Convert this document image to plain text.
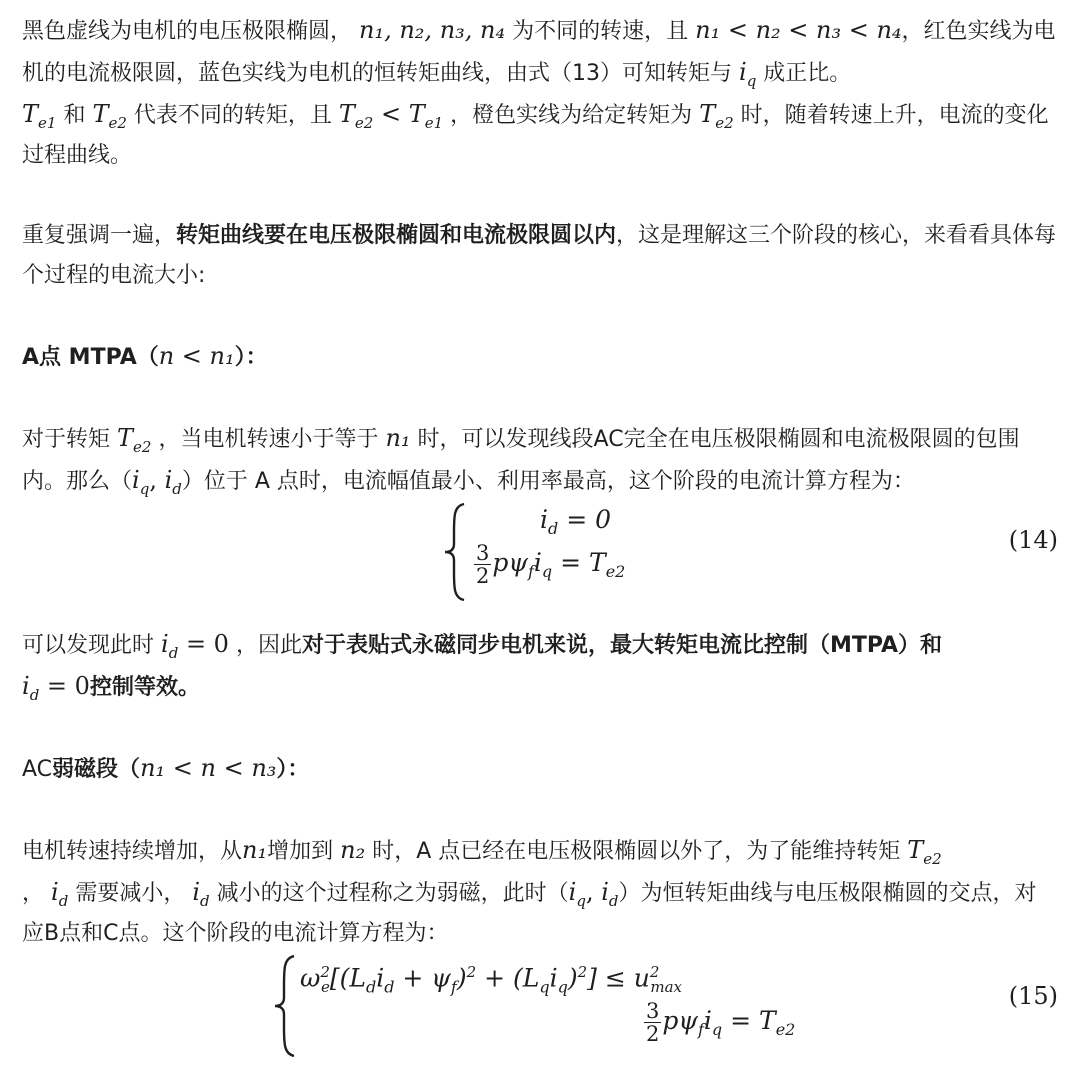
黑色虚线为电机的电压极限椭圆， n₁, n₂, n₃, n₄ 为不同的转速，且 n₁ < n₂ < n₃ < n₄，红色实线为电机的电流极限圆，蓝色实线为电机的恒转矩曲线，由式（13）可知转矩与 $i_q$ 成正比。
$T_{e1}$ 和 $T_{e2}$ 代表不同的转矩，且 $T_{e2} < T_{e1}$ ，橙色实线为给定转矩为 $T_{e2}$ 时，随着转速上升，电流的变化过程曲线。

重复强调一遍，转矩曲线要在电压极限椭圆和电流极限圆以内，这是理解这三个阶段的核心，来看看具体每个过程的电流大小:

A点 MTPA（n < n₁）：

对于转矩 $T_{e2}$ ，当电机转速小于等于 n₁ 时，可以发现线段AC完全在电压极限椭圆和电流极限圆的包围内。那么（$i_q$, $i_d$）位于 A 点时，电流幅值最小、利用率最高，这个阶段的电流计算方程为：

$i_d = 0$
$\frac{3}{2} p\psi_fi_q = T_{e2}$
(14)

可以发现此时 $i_d = 0$ ，因此对于表贴式永磁同步电机来说，最大转矩电流比控制（MTPA）和
$i_d = 0$控制等效。

AC弱磁段（n₁ < n < n₃）：

电机转速持续增加，从n₁增加到 n₂ 时，A 点已经在电压极限椭圆以外了，为了能维持转矩 $T_{e2}$
， $i_d$ 需要减小， $i_d$ 减小的这个过程称之为弱磁，此时（$i_q$, $i_d$）为恒转矩曲线与电压极限椭圆的交点，对应B点和C点。这个阶段的电流计算方程为：

$\omega^2_e[(L_di_d + \psi_f)^2 + (L_qi_q)^2] \le u^2_{max}$
$\frac{3}{2} p\psi_fi_q = T_{e2}$
(15)
